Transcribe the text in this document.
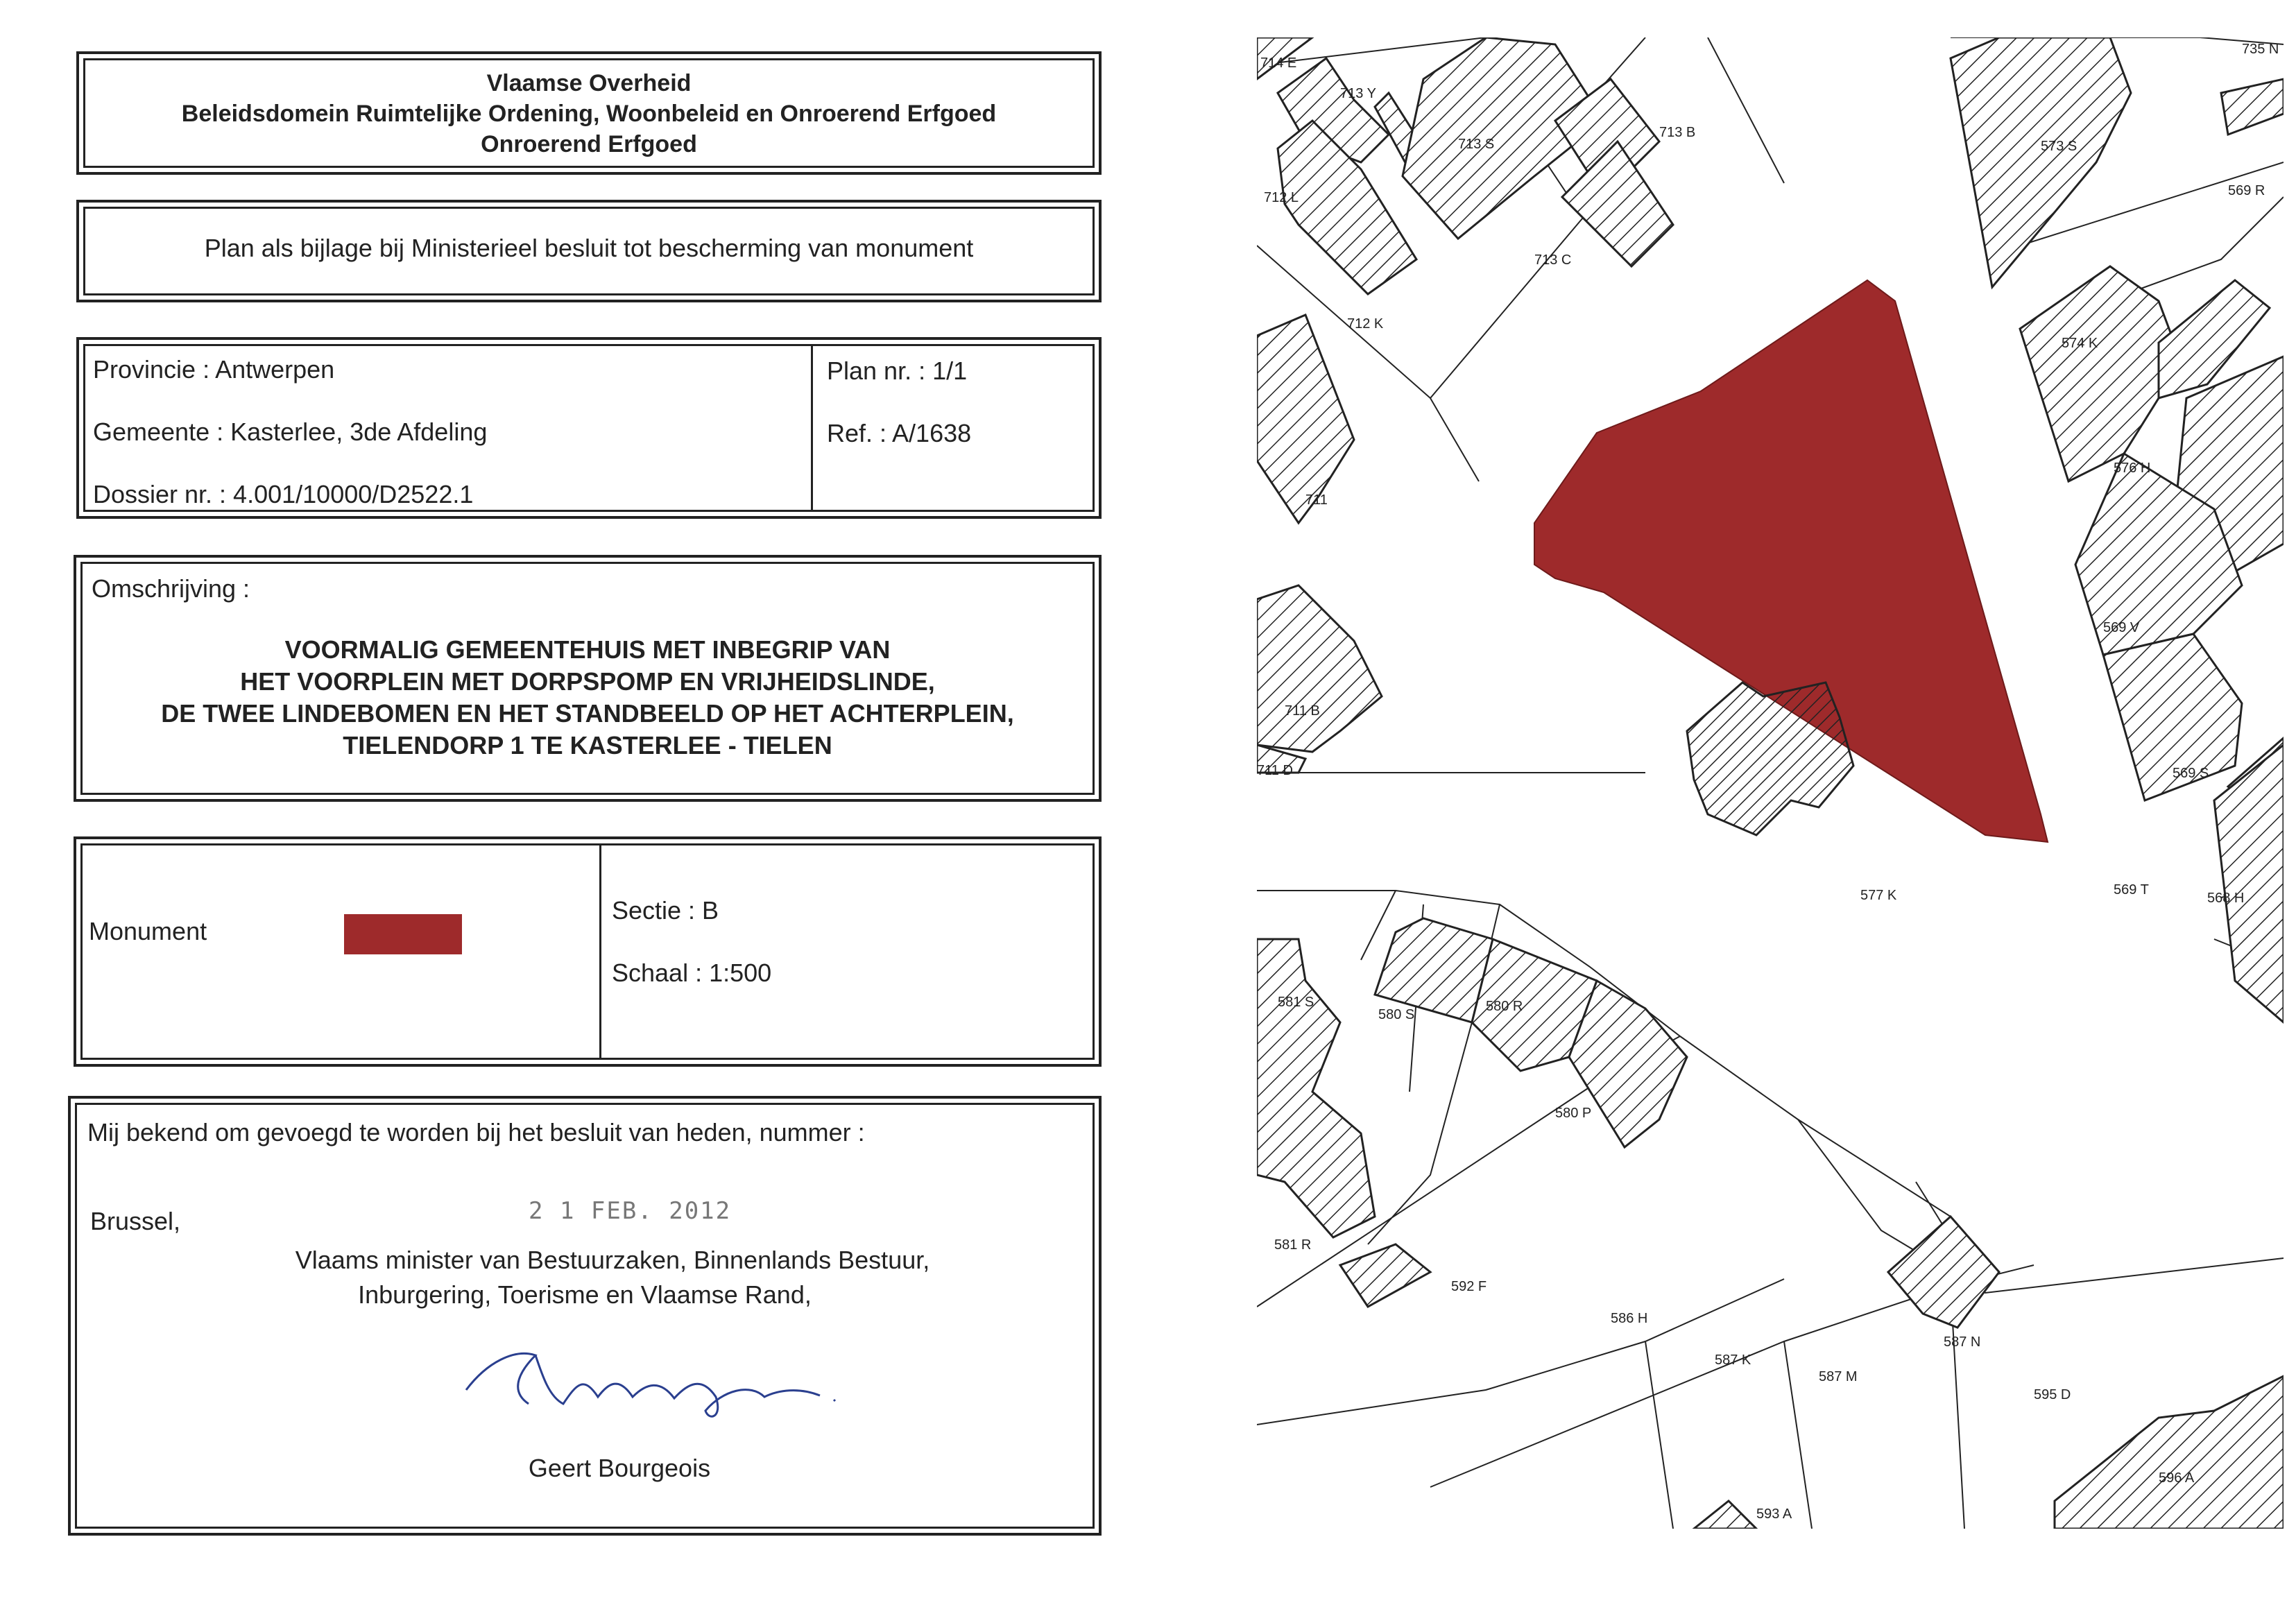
Vlaamse Overheid
Beleidsdomein Ruimtelijke Ordening, Woonbeleid en Onroerend Erfgoed
Onroerend Erfgoed
Plan als bijlage bij Ministerieel besluit tot bescherming van monument
Provincie : Antwerpen
Gemeente : Kasterlee, 3de Afdeling
Dossier nr. : 4.001/10000/D2522.1
Plan nr. : 1/1
Ref. : A/1638
Omschrijving :
VOORMALIG GEMEENTEHUIS MET INBEGRIP VAN
HET VOORPLEIN MET DORPSPOMP EN VRIJHEIDSLINDE,
DE TWEE LINDEBOMEN EN HET STANDBEELD OP HET ACHTERPLEIN,
TIELENDORP 1 TE KASTERLEE - TIELEN
Monument
Sectie : B
Schaal : 1:500
Mij bekend om gevoegd te worden bij het besluit van heden, nummer :
Brussel,	2 1 FEB. 2012
Vlaams minister van Bestuurzaken, Binnenlands Bestuur,
Inburgering, Toerisme en Vlaamse Rand,
Geert Bourgeois
714 E
713 Y
713 S
713 B
712 L
713 C
712 K
711
711 B
711 D
735 N
573 S
569 R
574 K
576 H
569 V
569 S
569 T
568 H
577 K
581 S
580 S
580 R
580 P
581 R
592 F
586 H
587 K
587 M
587 N
595 D
596 A
593 A
